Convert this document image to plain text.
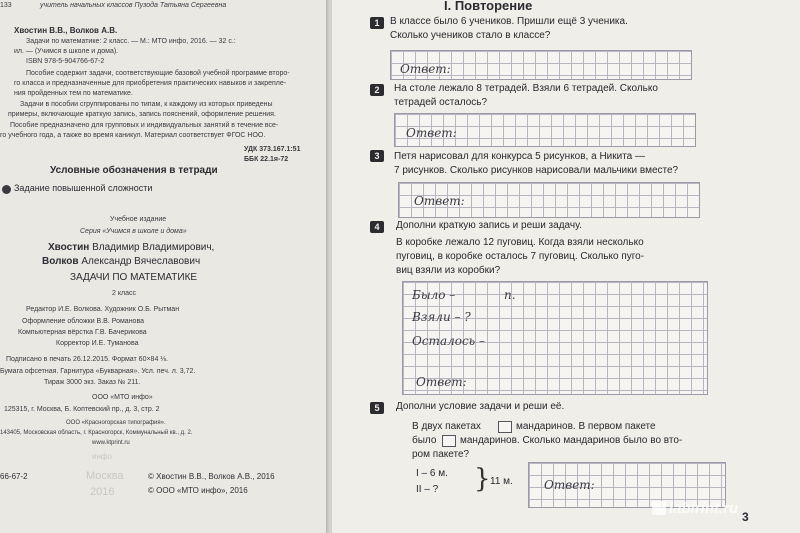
133	учитель начальных классов Пузода Татьяна Сергеевна
Хвостин В.В., Волков А.В.
Задачи по математике: 2 класс. — М.: МТО инфо, 2016. — 32 с.:
ил. — (Учимся в школе и дома).
ISBN 978-5-904766-67-2
Пособие содержит задачи, соответствующие базовой учебной программе второ-
го класса и предназначенные для приобретения практических навыков и закрепле-
ния пройденных тем по математике.
Задачи в пособии сгруппированы по типам, к каждому из которых приведены
примеры, включающие краткую запись, запись пояснений, оформление решения.
Пособие предназначено для групповых и индивидуальных занятий в течение все-
го учебного года, а также во время каникул. Материал соответствует ФГОС НОО.
УДК 373.167.1:51
ББК 22.1я-72
Условные обозначения в тетради
Задание повышенной сложности
Учебное издание
Серия «Учимся в школе и дома»
Хвостин Владимир Владимирович,
Волков Александр Вячеславович
ЗАДАЧИ ПО МАТЕМАТИКЕ
2 класс
Редактор И.Е. Волкова. Художник О.Б. Рытман
Оформление обложки В.В. Романова
Компьютерная вёрстка Г.В. Бачерикова
Корректор И.Е. Туманова
Подписано в печать 26.12.2015. Формат 60×84 ⅛.
Бумага офсетная. Гарнитура «Букварная». Усл. печ. л. 3,72.
Тираж 3000 экз. Заказ № 211.
ООО «МТО инфо»
125315, г. Москва, Б. Коптевский пр., д. 3, стр. 2
ООО «Красногорская типография».
143405, Московская область, г. Красногорск, Коммунальный кв., д. 2.
www.ktprint.ru
инфо
Москва
2016
66-67-2	© Хвостин В.В., Волков А.В., 2016
© ООО «МТО инфо», 2016
I. Повторение
1	В классе было 6 учеников. Пришли ещё 3 ученика.
Сколько учеников стало в классе?
Ответ:
2	На столе лежало 8 тетрадей. Взяли 6 тетрадей. Сколько
тетрадей осталось?
Ответ:
3	Петя нарисовал для конкурса 5 рисунков, а Никита —
7 рисунков. Сколько рисунков нарисовали мальчики вместе?
Ответ:
4	Дополни краткую запись и реши задачу.
В коробке лежало 12 пуговиц. Когда взяли несколько
пуговиц, в коробке осталось 7 пуговиц. Сколько пуго-
виц взяли из коробки?
Было –	п.
Взяли – ?
Осталось –
Ответ:
5	Дополни условие задачи и реши её.
В двух пакетах	мандаринов. В первом пакете
было мандаринов. Сколько мандаринов было во вто-
ром пакете?
I – 6 м.
II – ? } 11 м.	Ответ:
3
labirint.ru
